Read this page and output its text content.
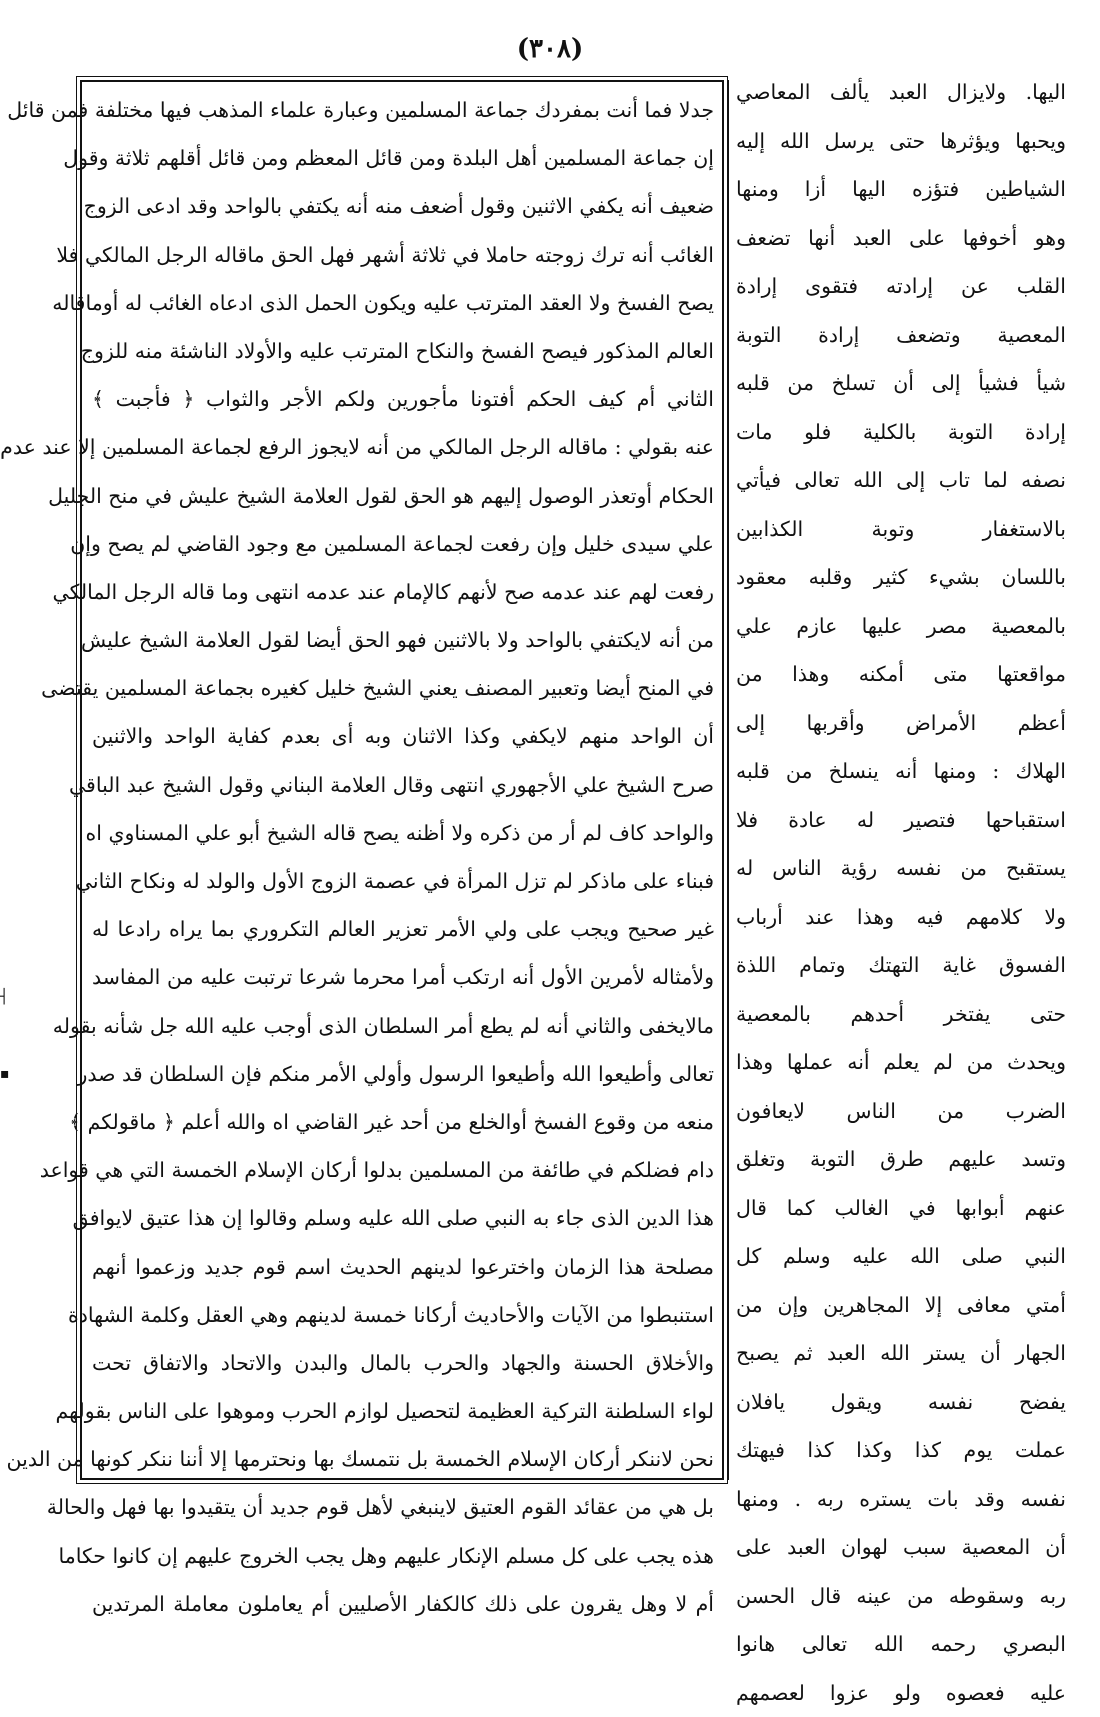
(٣٠٨)
جدلا فما أنت بمفردك جماعة المسلمين وعبارة علماء المذهب فيها مختلفة فمن قائل
إن جماعة المسلمين أهل البلدة ومن قائل المعظم ومن قائل أقلهم ثلاثة وقول
ضعيف أنه يكفي الاثنين وقول أضعف منه أنه يكتفي بالواحد وقد ادعى الزوج
الغائب أنه ترك زوجته حاملا في ثلاثة أشهر فهل الحق ماقاله الرجل المالكي فلا
يصح الفسخ ولا العقد المترتب عليه ويكون الحمل الذى ادعاه الغائب له أوماقاله
العالم المذكور فيصح الفسخ والنكاح المترتب عليه والأولاد الناشئة منه للزوج
الثاني أم كيف الحكم أفتونا مأجورين ولكم الأجر والثواب ﴿ فأجبت ﴾
عنه بقولي : ماقاله الرجل المالكي من أنه لايجوز الرفع لجماعة المسلمين إلا عند عدم
الحكام أوتعذر الوصول إليهم هو الحق لقول العلامة الشيخ عليش في منح الجليل
علي سيدى خليل وإن رفعت لجماعة المسلمين مع وجود القاضي لم يصح وإن
رفعت لهم عند عدمه صح لأنهم كالإمام عند عدمه انتهى وما قاله الرجل المالكي
من أنه لايكتفي بالواحد ولا بالاثنين فهو الحق أيضا لقول العلامة الشيخ عليش
في المنح أيضا وتعبير المصنف يعني الشيخ خليل كغيره بجماعة المسلمين يقتضى
أن الواحد منهم لايكفي وكذا الاثنان وبه أى بعدم كفاية الواحد والاثنين
صرح الشيخ علي الأجهوري انتهى وقال العلامة البناني وقول الشيخ عبد الباقي
والواحد كاف لم أر من ذكره ولا أظنه يصح قاله الشيخ أبو علي المسناوي اه
فبناء على ماذكر لم تزل المرأة في عصمة الزوج الأول والولد له ونكاح الثاني
غير صحيح ويجب على ولي الأمر تعزير العالم التكروري بما يراه رادعا له
ولأمثاله لأمرين الأول أنه ارتكب أمرا محرما شرعا ترتبت عليه من المفاسد
مالايخفى والثاني أنه لم يطع أمر السلطان الذى أوجب عليه الله جل شأنه بقوله
تعالى وأطيعوا الله وأطيعوا الرسول وأولي الأمر منكم فإن السلطان قد صدر
منعه من وقوع الفسخ أوالخلع من أحد غير القاضي اه والله أعلم ﴿ ماقولكم ﴾
دام فضلكم في طائفة من المسلمين بدلوا أركان الإسلام الخمسة التي هي قواعد
هذا الدين الذى جاء به النبي صلى الله عليه وسلم وقالوا إن هذا عتيق لايوافق
مصلحة هذا الزمان واخترعوا لدينهم الحديث اسم قوم جديد وزعموا أنهم
استنبطوا من الآيات والأحاديث أركانا خمسة لدينهم وهي العقل وكلمة الشهادة
والأخلاق الحسنة والجهاد والحرب بالمال والبدن والاتحاد والاتفاق تحت
لواء السلطنة التركية العظيمة لتحصيل لوازم الحرب وموهوا على الناس بقولهم
نحن لاننكر أركان الإسلام الخمسة بل نتمسك بها ونحترمها إلا أننا ننكر كونها من الدين
بل هي من عقائد القوم العتيق لاينبغي لأهل قوم جديد أن يتقيدوا بها فهل والحالة
هذه يجب على كل مسلم الإنكار عليهم وهل يجب الخروج عليهم إن كانوا حكاما
أم لا وهل يقرون على ذلك كالكفار الأصليين أم يعاملون معاملة المرتدين
اليها. ولايزال العبد يألف المعاصي
ويحبها ويؤثرها حتى يرسل الله إليه
الشياطين فتؤزه اليها أزا ومنها
وهو أخوفها على العبد أنها تضعف
القلب عن إرادته فتقوى إرادة
المعصية وتضعف إرادة التوبة
شيأ فشيأ إلى أن تسلخ من قلبه
إرادة التوبة بالكلية فلو مات
نصفه لما تاب إلى الله تعالى فيأتي
بالاستغفار وتوبة الكذابين
باللسان بشيء كثير وقلبه معقود
بالمعصية مصر عليها عازم علي
مواقعتها متى أمكنه وهذا من
أعظم الأمراض وأقربها إلى
الهلاك : ومنها أنه ينسلخ من قلبه
استقباحها فتصير له عادة فلا
يستقبح من نفسه رؤية الناس له
ولا كلامهم فيه وهذا عند أرباب
الفسوق غاية التهتك وتمام اللذة
حتى يفتخر أحدهم بالمعصية
ويحدث من لم يعلم أنه عملها وهذا
الضرب من الناس لايعافون
وتسد عليهم طرق التوبة وتغلق
عنهم أبوابها في الغالب كما قال
النبي صلى الله عليه وسلم كل
أمتي معافى إلا المجاهرين وإن من
الجهار أن يستر الله العبد ثم يصبح
يفضح نفسه ويقول يافلان
عملت يوم كذا وكذا كذا فيهتك
نفسه وقد بات يستره ربه . ومنها
أن المعصية سبب لهوان العبد على
ربه وسقوطه من عينه قال الحسن
البصري رحمه الله تعالى هانوا
عليه فعصوه ولو عزوا لعصمهم
┤
▪
